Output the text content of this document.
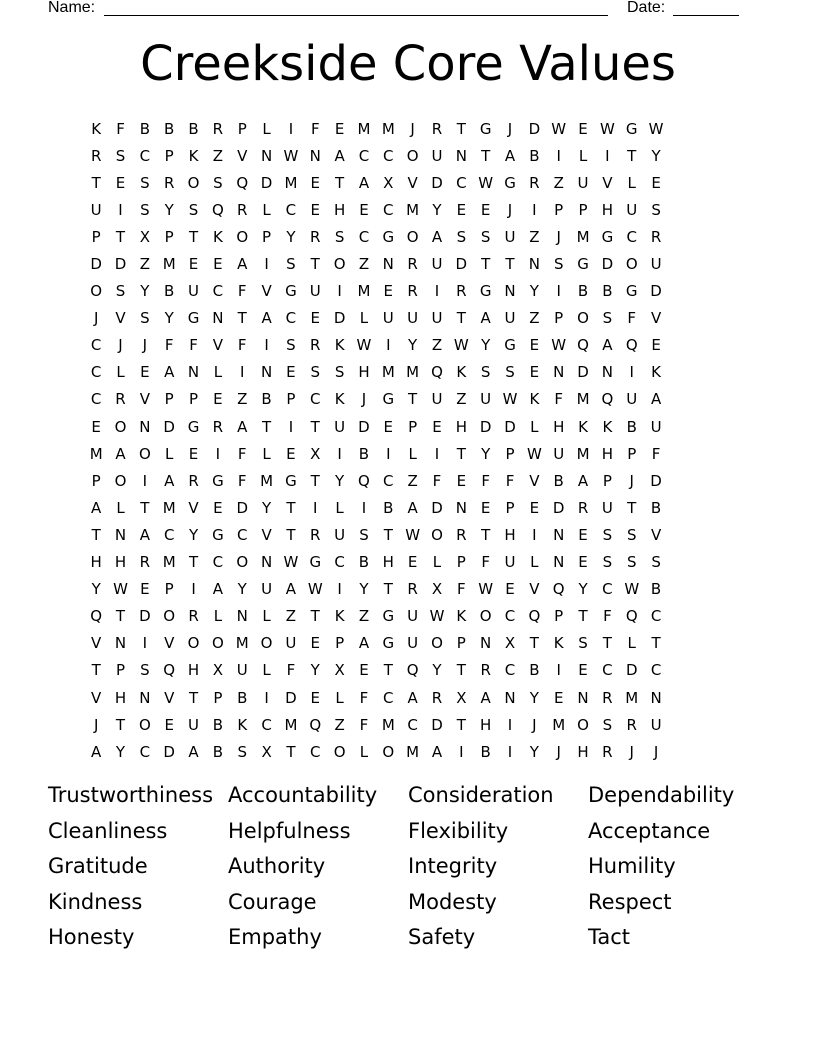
Name:	Date:
Creekside Core Values
K	F B B B R P	L	I	F	E M M	J	R T G	J	D W E W G W
R S C P K Z V N W N A C C O U N T A B	I	L	I	T	Y
T	E S R O S Q D M E	T A X V D C W G R Z U V	L	E
U	I	S Y	S Q R L C E H E C M Y	E E	J	I	P	P H U S
P	T X P	T K O P	Y R S C G O A S S U Z	J	M G C R
D D Z M E E A	I	S T O Z N R U D T	T N S G D O U
O S Y B U C F V G U	I	M E R	I	R G N Y	I	B B G D
J	V S Y G N T A C E D L U U U T A U Z P O S	F V
C	J	J	F	F V F	I	S R K W I	Y Z W Y G E W Q A Q E
C L	E A N L	I	N E S S H M M Q K S S E N D N	I	K
C R V P	P	E Z B P C K	J	G T U Z U W K	F M Q U A
E O N D G R A T	I	T U D E	P	E H D D L H K K B U
M A O L	E	I	F	L	E X	I	B	I	L	I	T	Y	P W U M H P	F
P O	I	A R G F M G T	Y Q C Z F	E	F	F V B A P	J	D
A	L	T M V E D Y	T	I	L	I	B A D N E	P	E D R U T B
T N A C Y G C V T R U S T W O R T H	I	N E S S V
H H R M T C O N W G C B H E	L	P	F U L N E S S S
Y W E	P	I	A Y U A W I	Y	T R X F W E V Q Y C W B
Q T D O R L N L	Z T K Z G U W K O C Q P	T	F Q C
V N	I	V O O M O U E	P A G U O P N X T K S T	L	T
T	P	S Q H X U L	F	Y X E	T Q Y	T R C B	I	E C D C
V H N V T	P B	I	D E	L	F C A R X A N Y	E N R M N
J	T O E U B K C M Q Z F M C D T H	I	J	M O S R U
A Y C D A B S X T C O L O M A	I	B	I	Y	J	H R	J	J
Trustworthiness Accountability	Consideration	Dependability
Cleanliness	Helpfulness	Flexibility	Acceptance
Gratitude	Authority	Integrity	Humility
Kindness	Courage	Modesty	Respect
Honesty	Empathy	Safety	Tact
